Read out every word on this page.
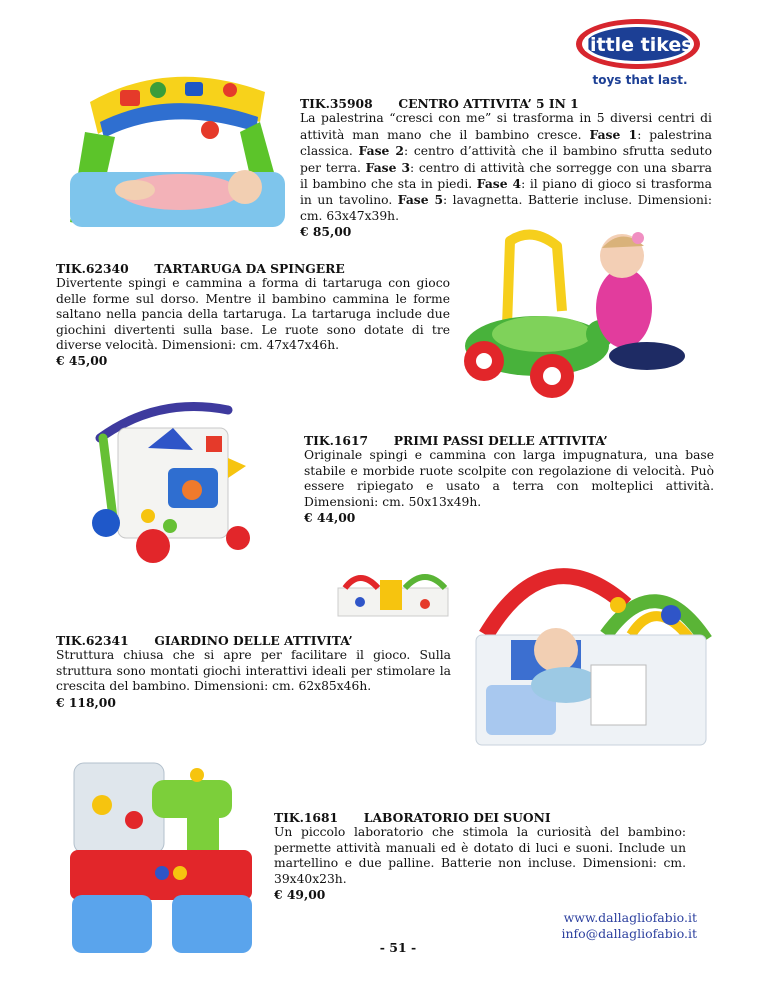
little tikes
toys that last.
TIK.35908 CENTRO ATTIVITA’ 5 IN 1
La palestrina “cresci con me” si trasforma in 5 diversi centri di attività man mano che il bambino cresce. Fase 1: palestrina classica. Fase 2: centro d’attività che il bambino sfrutta seduto per terra. Fase 3: centro di attività che sorregge con una sbarra il bambino che sta in piedi. Fase 4: il piano di gioco si trasforma in un tavolino. Fase 5: lavagnetta. Batterie incluse. Dimensioni: cm. 63x47x39h.
€ 85,00
TIK.62340 TARTARUGA DA SPINGERE
Divertente spingi e cammina a forma di tartaruga con gioco delle forme sul dorso. Mentre il bambino cammina le forme saltano nella pancia della tartaruga. La tartaruga include due giochini divertenti sulla base. Le ruote sono dotate di tre diverse velocità. Dimensioni: cm. 47x47x46h.
€ 45,00
TIK.1617 PRIMI PASSI DELLE ATTIVITA’
Originale spingi e cammina con larga impugnatura, una base stabile e morbide ruote scolpite con regolazione di velocità. Può essere ripiegato e usato a terra con molteplici attività. Dimensioni: cm. 50x13x49h.
€ 44,00
TIK.62341 GIARDINO DELLE ATTIVITA’
Struttura chiusa che si apre per facilitare il gioco. Sulla struttura sono montati giochi interattivi ideali per stimolare la crescita del bambino. Dimensioni: cm. 62x85x46h.
€ 118,00
TIK.1681 LABORATORIO DEI SUONI
Un piccolo laboratorio che stimola la curiosità del bambino: permette attività manuali ed è dotato di luci e suoni. Include un martellino e due palline. Batterie non incluse. Dimensioni: cm. 39x40x23h.
€ 49,00
www.dallagliofabio.it
info@dallagliofabio.it
- 51 -
